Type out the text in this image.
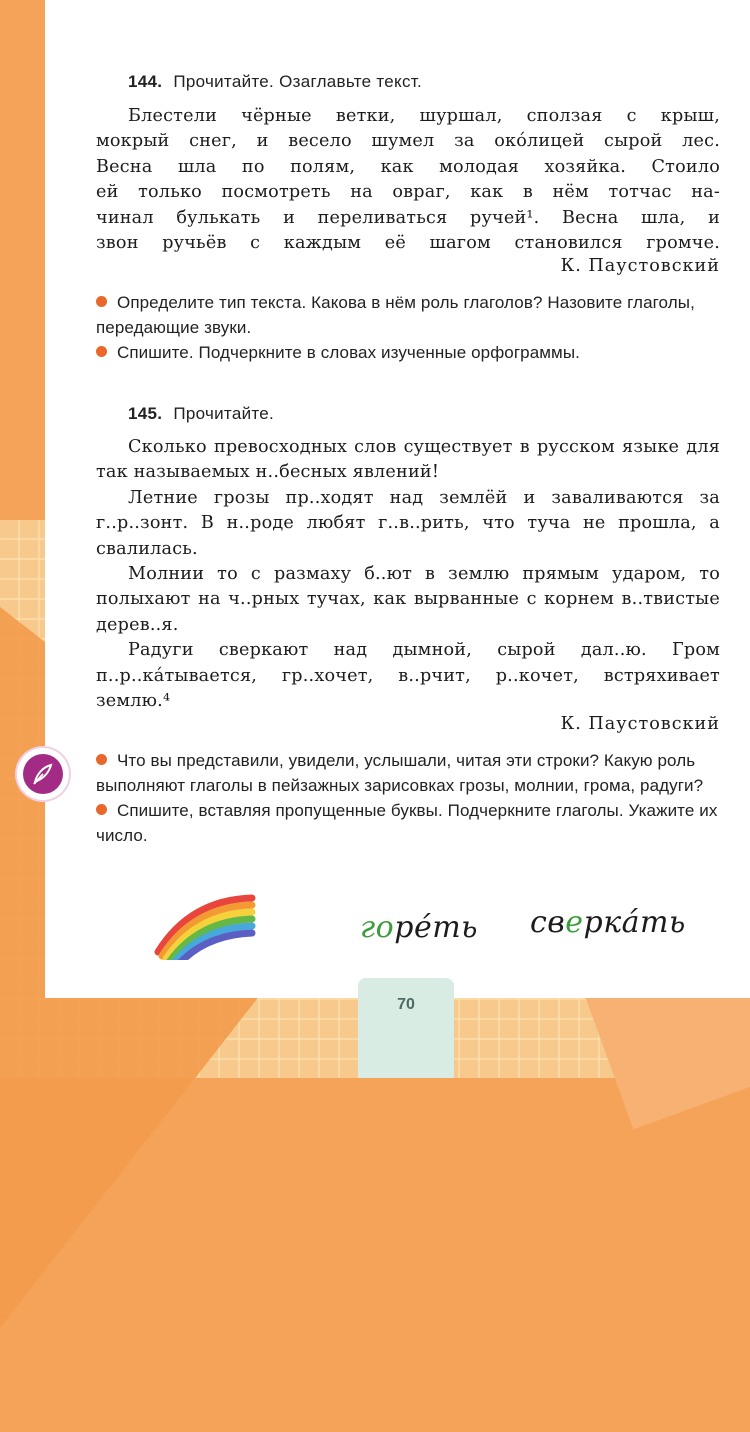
144. Прочитайте. Озаглавьте текст.

Блестели чёрные ветки, шуршал, сползая с крыш,

мокрый снег, и весело шумел за око́лицей сырой лес.

Весна шла по полям, как молодая хозяйка. Стоило

ей только посмотреть на овраг, как в нём тотчас на-

чинал булькать и переливаться ручей¹. Весна шла, и

звон ручьёв с каждым её шагом становился громче.

К. Паустовский

Определите тип текста. Какова в нём роль глаголов? Назовите глаголы, передающие звуки.

Спишите. Подчеркните в словах изученные орфограммы.

145. Прочитайте.

Сколько превосходных слов существует в русском языке для так называемых н..бесных явлений!

Летние грозы пр..ходят над землёй и заваливаются за г..р..зонт. В н..роде любят г..в..рить, что туча не прошла, а свалилась.

Молнии то с размаху б..ют в землю прямым ударом, то полыхают на ч..рных тучах, как вырванные с корнем в..твистые дерев..я.

Радуги сверкают над дымной, сырой дал..ю. Гром п..р..ка́тывается, гр..хочет, в..рчит, р..кочет, встряхивает землю.⁴

К. Паустовский

Что вы представили, увидели, услышали, читая эти строки? Какую роль выполняют глаголы в пейзажных зарисовках грозы, молнии, грома, радуги?

Спишите, вставляя пропущенные буквы. Подчеркните глаголы. Укажите их число.

горе́ть сверка́ть
70
